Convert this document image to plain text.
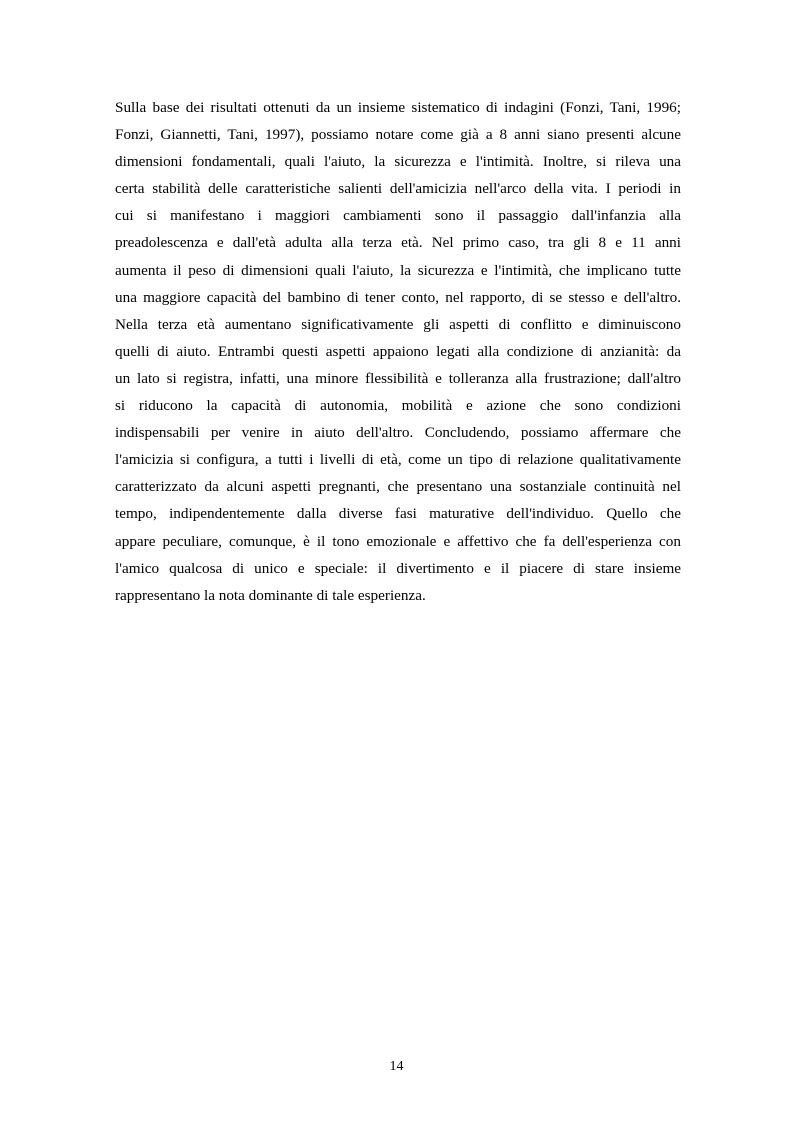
Sulla base dei risultati ottenuti da un insieme sistematico di indagini (Fonzi, Tani, 1996;
Fonzi, Giannetti, Tani, 1997), possiamo notare come già a 8 anni siano presenti alcune
dimensioni fondamentali, quali l'aiuto, la sicurezza e l'intimità. Inoltre, si rileva una
certa stabilità delle caratteristiche salienti dell'amicizia nell'arco della vita. I periodi in
cui si manifestano i maggiori cambiamenti sono il passaggio dall'infanzia alla
preadolescenza e dall'età adulta alla terza età. Nel primo caso, tra gli 8 e 11 anni
aumenta il peso di dimensioni quali l'aiuto, la sicurezza e l'intimità, che implicano tutte
una maggiore capacità del bambino di tener conto, nel rapporto, di se stesso e dell'altro.
Nella terza età aumentano significativamente gli aspetti di conflitto e diminuiscono
quelli di aiuto. Entrambi questi aspetti appaiono legati alla condizione di anzianità: da
un lato si registra, infatti, una minore flessibilità e tolleranza alla frustrazione; dall'altro
si riducono la capacità di autonomia, mobilità e azione che sono condizioni
indispensabili per venire in aiuto dell'altro. Concludendo, possiamo affermare che
l'amicizia si configura, a tutti i livelli di età, come un tipo di relazione qualitativamente
caratterizzato da alcuni aspetti pregnanti, che presentano una sostanziale continuità nel
tempo, indipendentemente dalla diverse fasi maturative dell'individuo. Quello che
appare peculiare, comunque, è il tono emozionale e affettivo che fa dell'esperienza con
l'amico qualcosa di unico e speciale: il divertimento e il piacere di stare insieme
rappresentano la nota dominante di tale esperienza.
14
